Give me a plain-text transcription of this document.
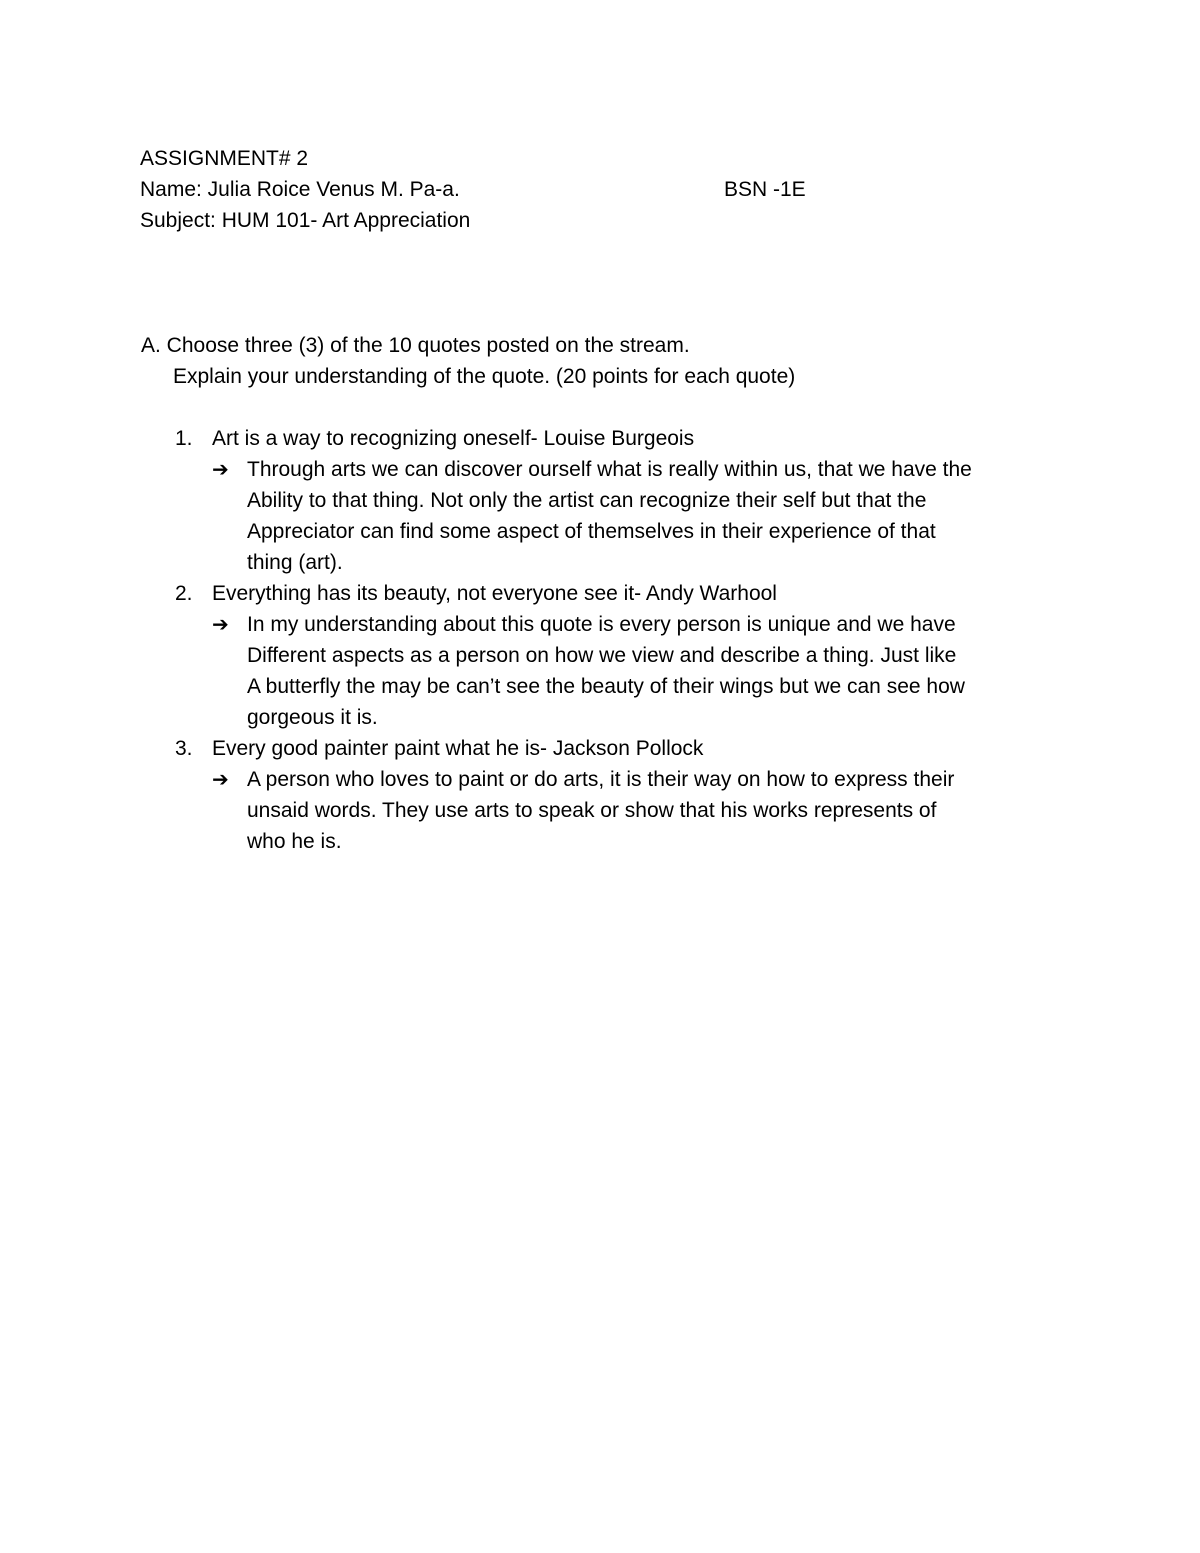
ASSIGNMENT# 2
Name: Julia Roice Venus M. Pa-a.	BSN -1E
Subject: HUM 101- Art Appreciation
A. Choose three (3) of the 10 quotes posted on the stream.
Explain your understanding of the quote. (20 points for each quote)
1. Art is a way to recognizing oneself- Louise Burgeois
➔ Through arts we can discover ourself what is really within us, that we have the
Ability to that thing. Not only the artist can recognize their self but that the
Appreciator can find some aspect of themselves in their experience of that
thing (art).
2. Everything has its beauty, not everyone see it- Andy Warhool
➔ In my understanding about this quote is every person is unique and we have
Different aspects as a person on how we view and describe a thing. Just like
A butterfly the may be can’t see the beauty of their wings but we can see how
gorgeous it is.
3. Every good painter paint what he is- Jackson Pollock
➔ A person who loves to paint or do arts, it is their way on how to express their
unsaid words. They use arts to speak or show that his works represents of
who he is.
